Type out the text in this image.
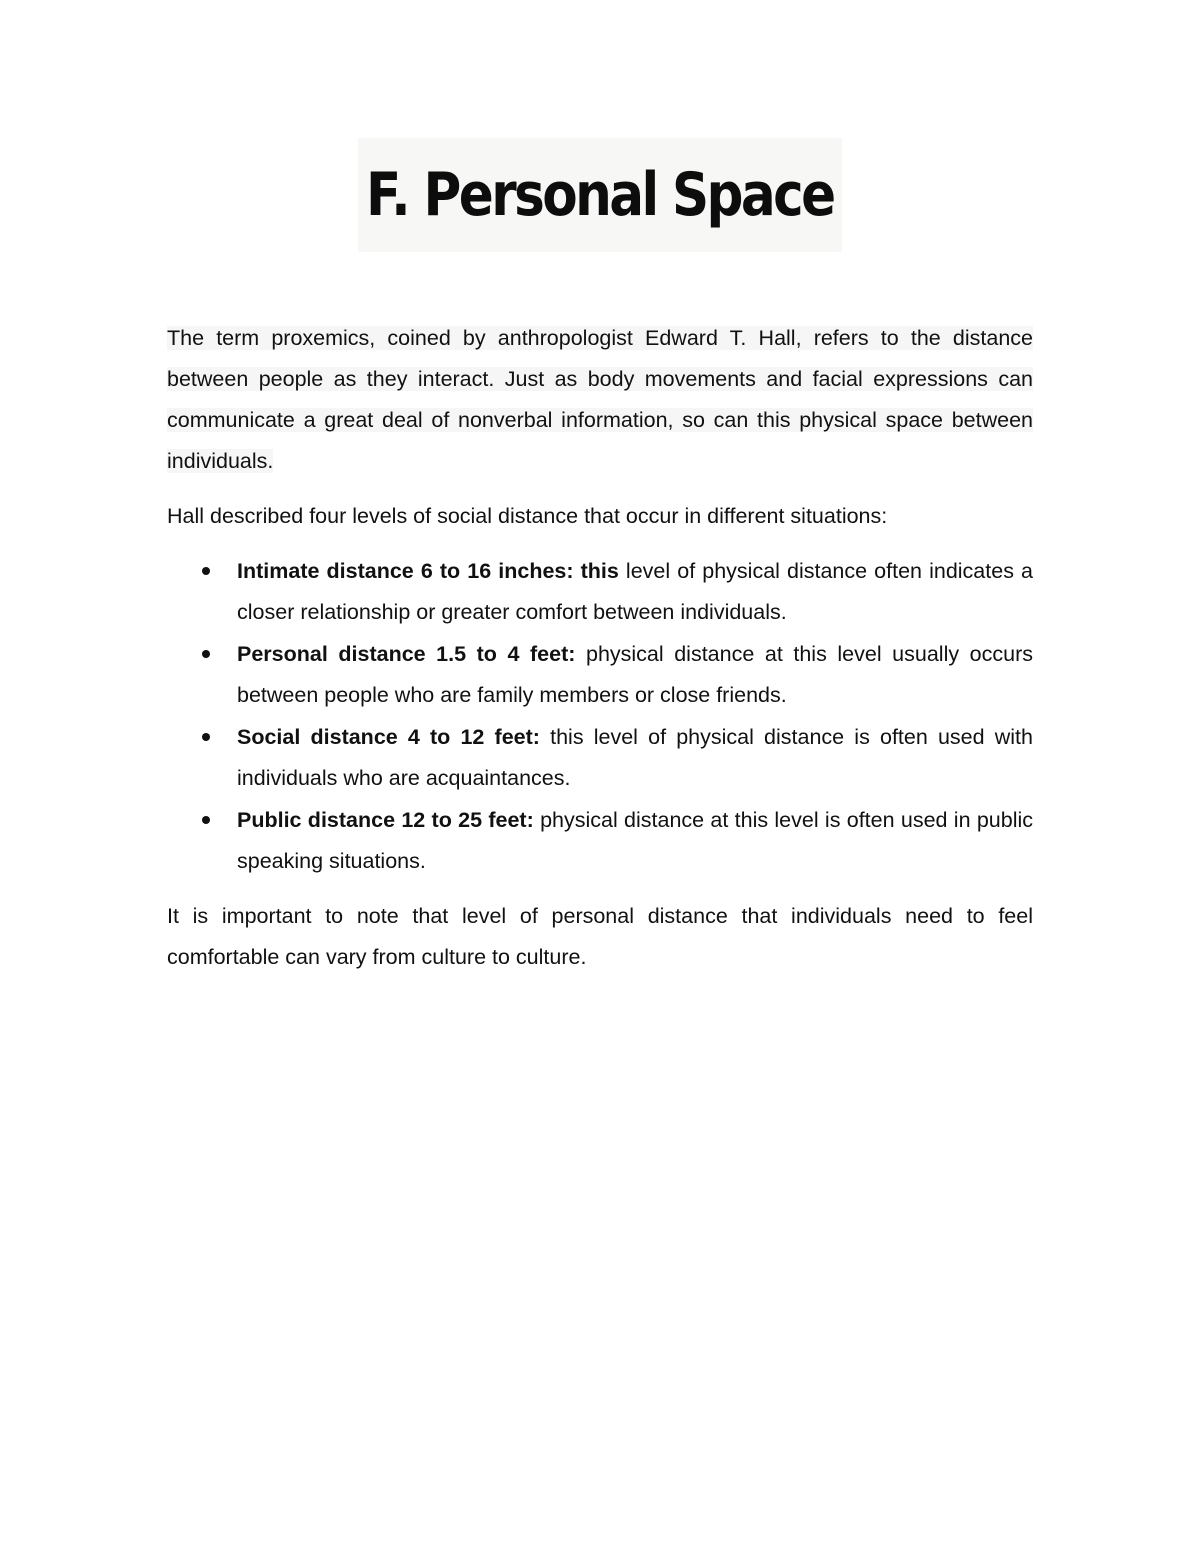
F. Personal Space

The term proxemics, coined by anthropologist Edward T. Hall, refers to the distance between people as they interact. Just as body movements and facial expressions can communicate a great deal of nonverbal information, so can this physical space between individuals.

Hall described four levels of social distance that occur in different situations:

Intimate distance 6 to 16 inches: this level of physical distance often indicates a closer relationship or greater comfort between individuals.
Personal distance 1.5 to 4 feet: physical distance at this level usually occurs between people who are family members or close friends.
Social distance 4 to 12 feet: this level of physical distance is often used with individuals who are acquaintances.
Public distance 12 to 25 feet: physical distance at this level is often used in public speaking situations.

It is important to note that level of personal distance that individuals need to feel comfortable can vary from culture to culture.
